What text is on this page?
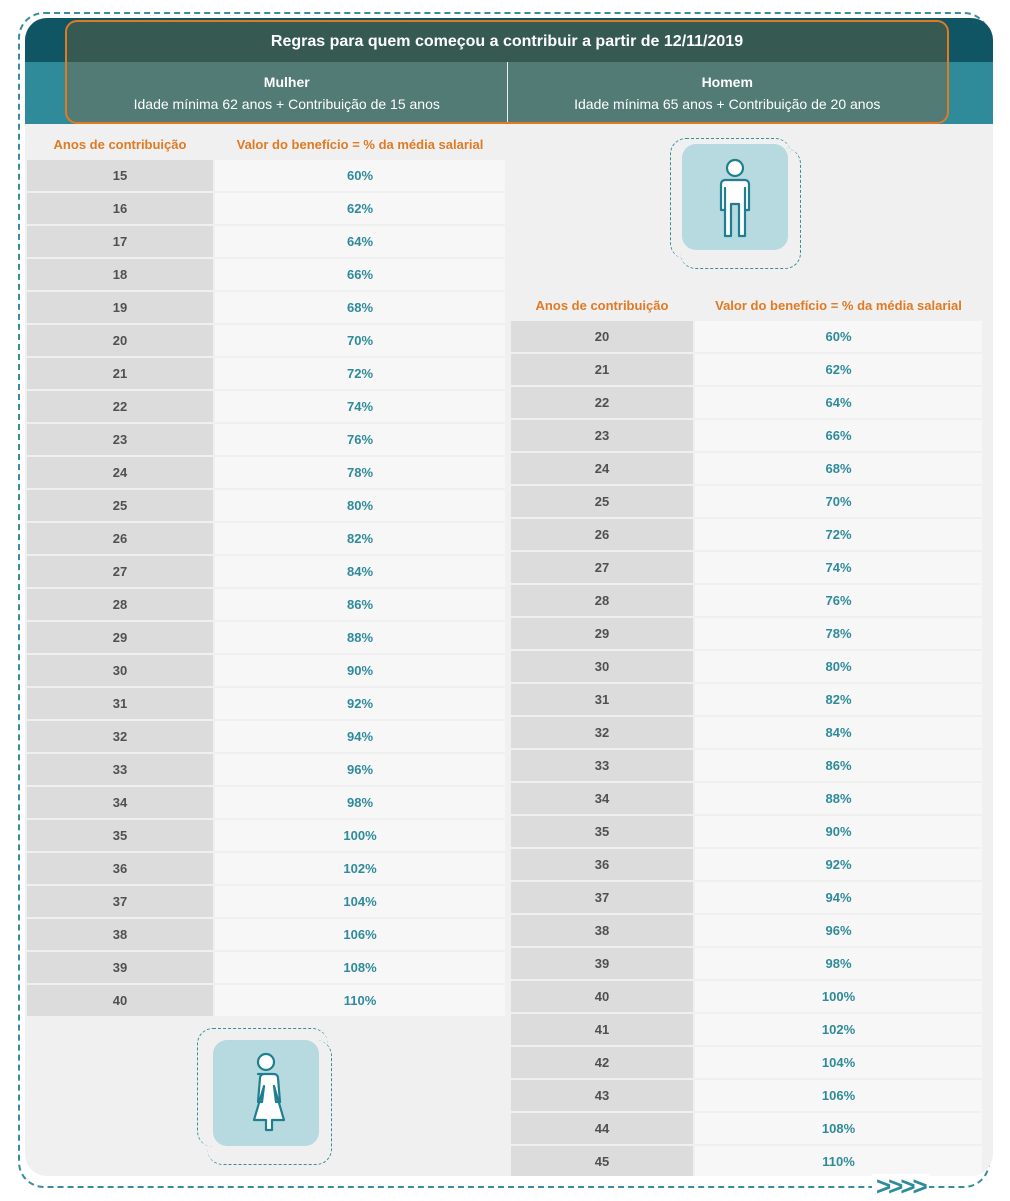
Regras para quem começou a contribuir a partir de 12/11/2019
Mulher
Idade mínima 62 anos + Contribuição de 15 anos
Homem
Idade mínima 65 anos + Contribuição de 20 anos
Anos de contribuição	Valor do benefício = % da média salarial
15	60%
16	62%
17	64%
18	66%
19	68%
20	70%
21	72%
22	74%
23	76%
24	78%
25	80%
26	82%
27	84%
28	86%
29	88%
30	90%
31	92%
32	94%
33	96%
34	98%
35	100%
36	102%
37	104%
38	106%
39	108%
40	110%
Anos de contribuição	Valor do benefício = % da média salarial
20	60%
21	62%
22	64%
23	66%
24	68%
25	70%
26	72%
27	74%
28	76%
29	78%
30	80%
31	82%
32	84%
33	86%
34	88%
35	90%
36	92%
37	94%
38	96%
39	98%
40	100%
41	102%
42	104%
43	106%
44	108%
45	110%
>>>>
